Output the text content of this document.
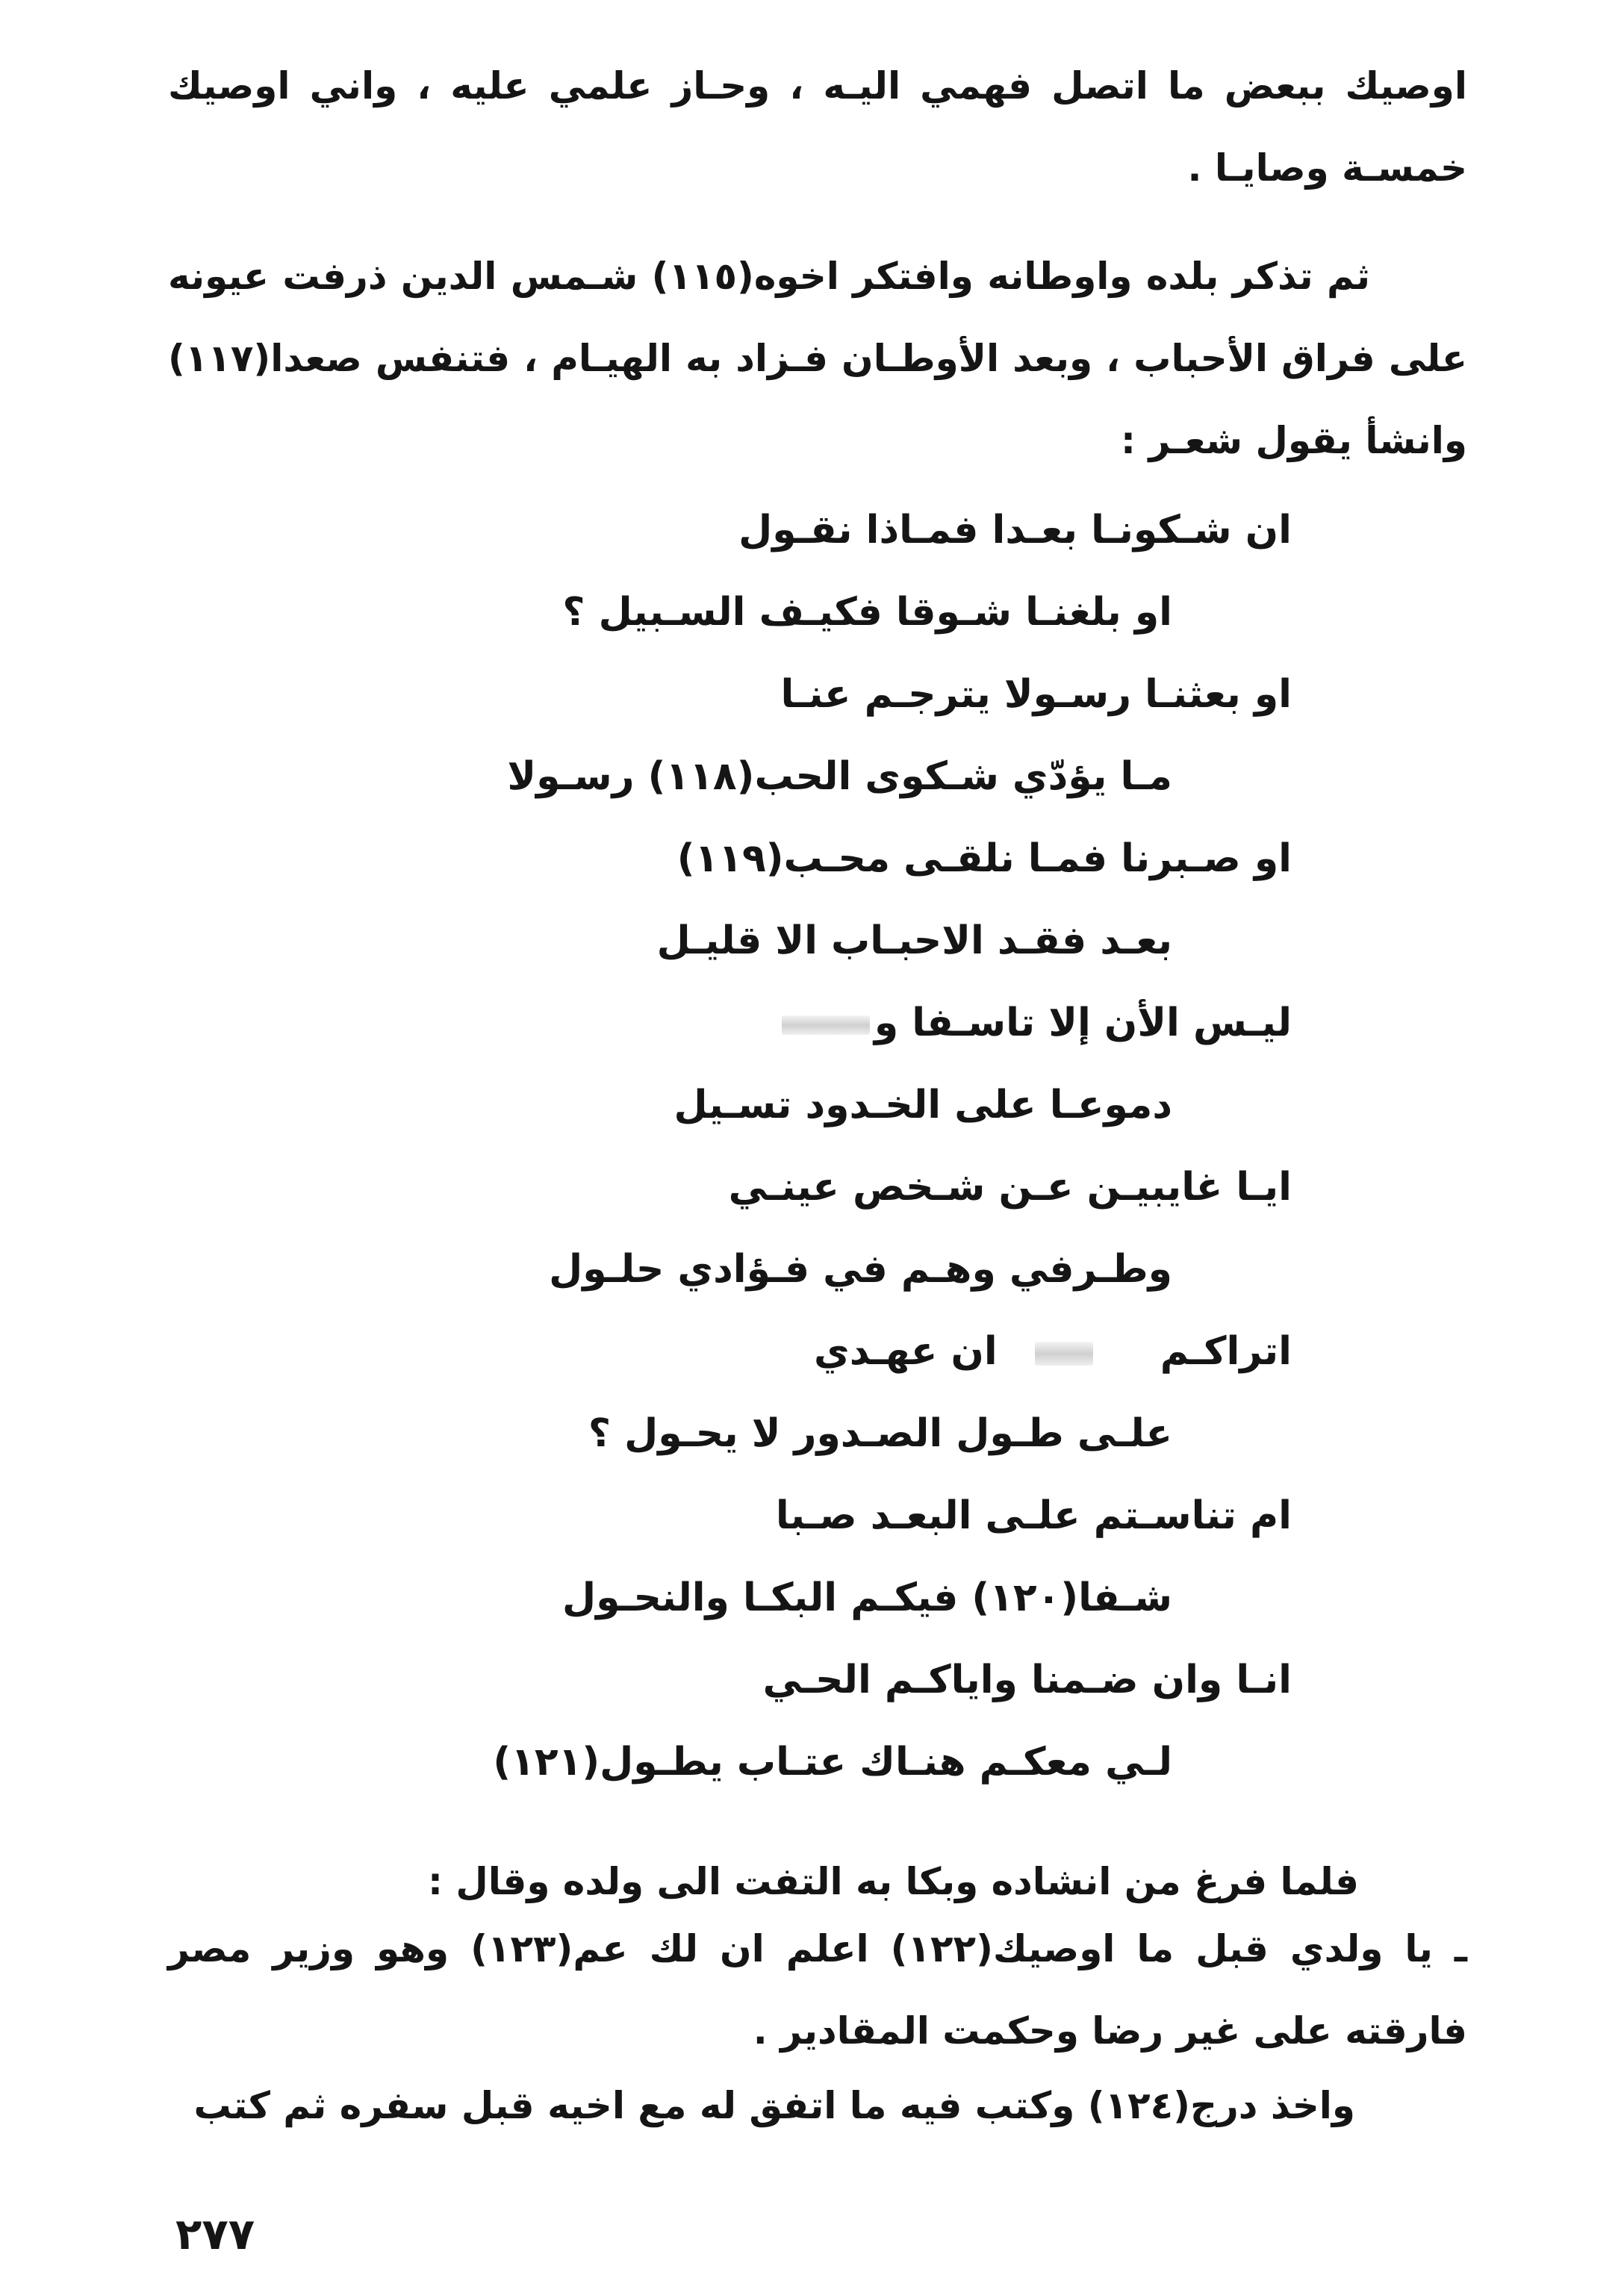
اوصيك ببعض ما اتصل فهمي اليـه ، وحـاز علمي عليه ، واني اوصيك خمسـة وصايـا .
ثم تذكر بلده واوطانه وافتكر اخوه(١١٥) شـمس الدين ذرفت عيونه على فراق الأحباب ، وبعد الأوطـان فـزاد به الهيـام ، فتنفس صعدا(١١٧) وانشأ يقول شعـر :
ان شـكونـا بعـدا فمـاذا نقـول
او بلغنـا شـوقا فكيـف السـبيل ؟
او بعثنـا رسـولا يترجـم عنـا
مـا يؤدّي شـكوى الحب(١١٨) رسـولا
او صـبرنا فمـا نلقـى محـب(١١٩)
بعـد فقـد الاحبـاب الا قليـل
ليـس الأن إلا تاسـفا و
دموعـا على الخـدود تسـيل
ايـا غايبيـن عـن شـخص عينـي
وطـرفي وهـم في فـؤادي حلـول
اتراكـمان عهـدي
علـى طـول الصـدور لا يحـول ؟
ام تناسـتم علـى البعـد صـبا
شـفا(١٢٠) فيكـم البكـا والنحـول
انـا وان ضـمنا واياكـم الحـي
لـي معكـم هنـاك عتـاب يطـول(١٢١)
فلما فرغ من انشاده وبكا به التفت الى ولده وقال :
ـ يا ولدي قبل ما اوصيك(١٢٢) اعلم ان لك عم(١٢٣) وهو وزير مصر فارقته على غير رضا وحكمت المقادير .
واخذ درج(١٢٤) وكتب فيه ما اتفق له مع اخيه قبل سفره ثم كتب
٢٧٧
